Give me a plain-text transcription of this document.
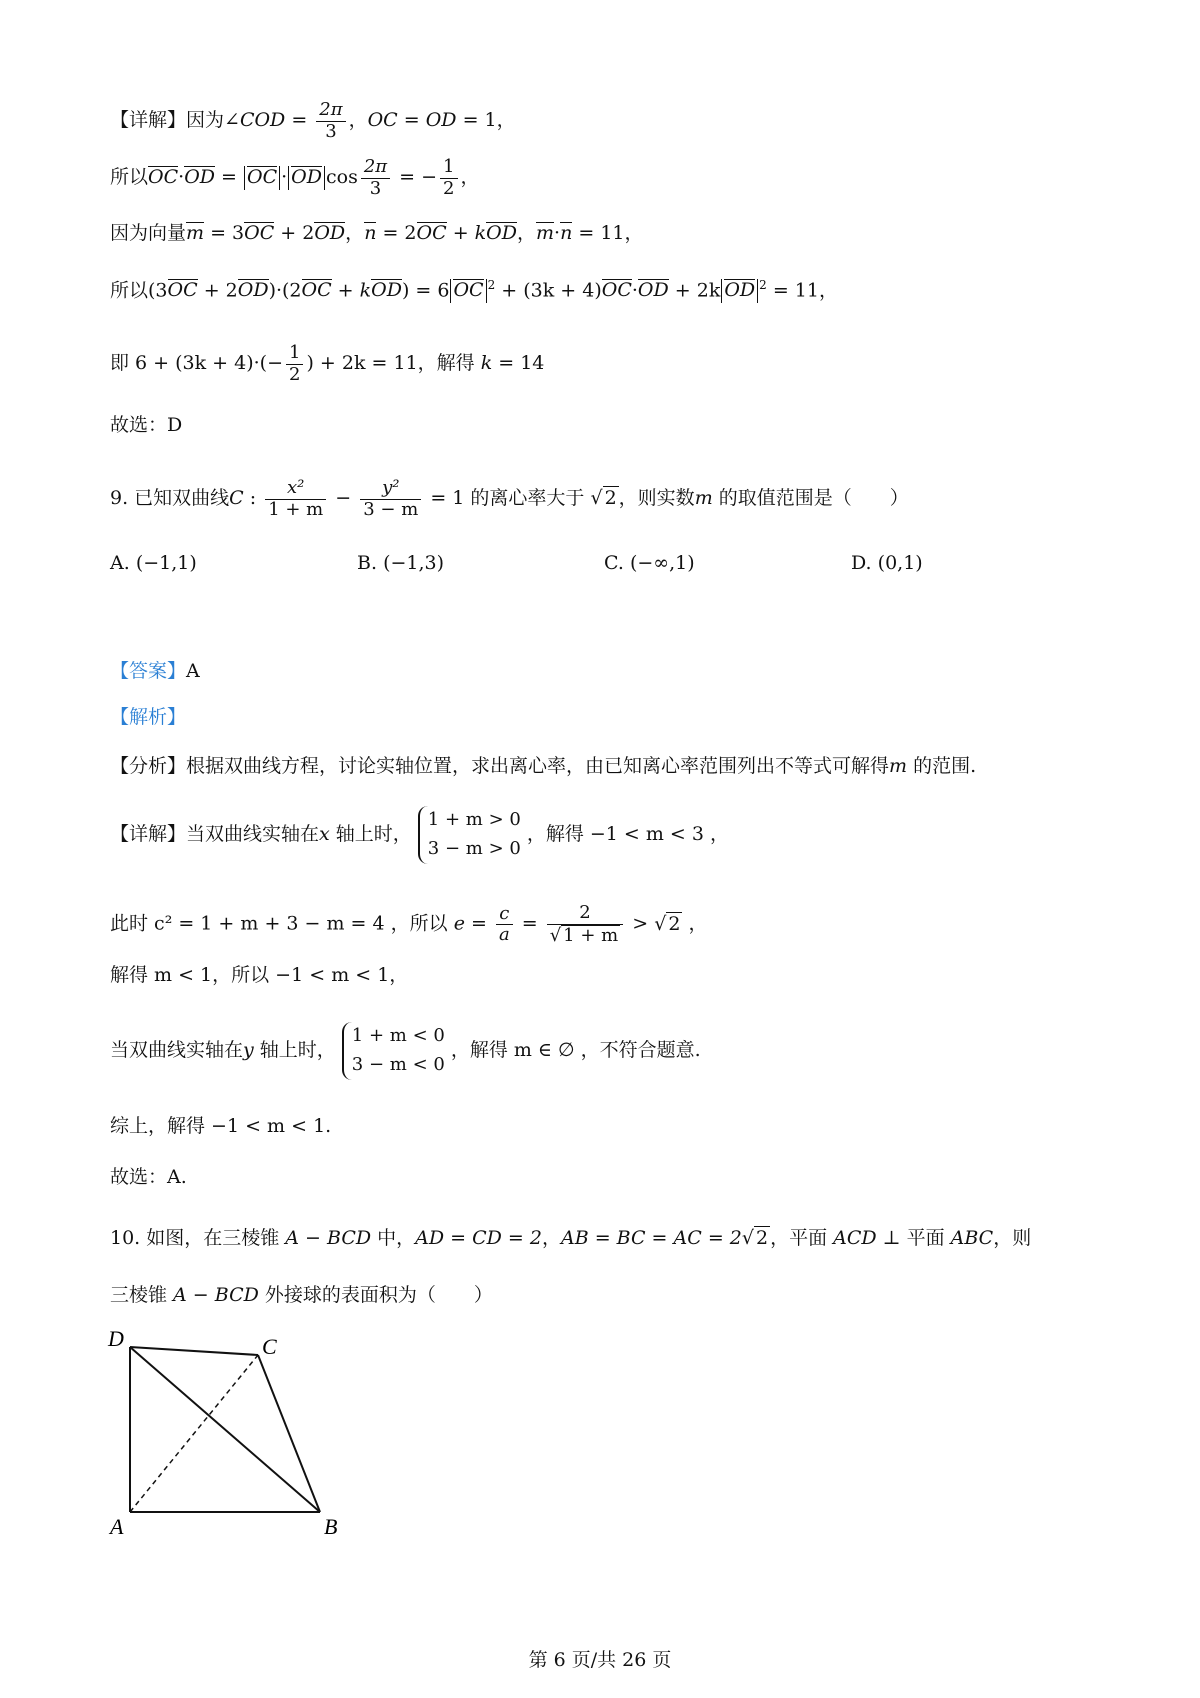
【详解】因为∠COD = $\frac{2\pi}{3}$ ，OC = OD = 1，
所以OC·OD = OC · OD $\cos \frac{2\pi}{3}$ = − $\frac{1}{2}$ ，
因为向量m = 3OC + 2OD，n = 2OC + kOD，m·n = 11，
所以(3OC + 2OD)·(2OC + kOD) = 6 OC $^2$ + (3k + 4)OC·OD + 2k OD $^2$ = 11，
即 $6 + (3k + 4)\cdot(- \frac{1}{2}$ ) + 2k = 11，解得 k = 14
故选：D
9. 已知双曲线C : $\frac{\text{x²}}{1 + m} - \frac{\text{y²}}{3 - m} = 1$ 的离心率大于 √ 2 ，则实数m 的取值范围是（　　）
A. (−1,1)	B. (−1,3)	C. (−∞,1)	D. (0,1)
【答案】A
【解析】
【分析】根据双曲线方程，讨论实轴位置，求出离心率，由已知离心率范围列出不等式可解得m 的范围.
【详解】当双曲线实轴在x 轴上时，
1 + m > 0
3 − m > 0
，解得 −1 < m < 3 ，
此时 c² = 1 + m + 3 − m = 4 ，所以 $e = \frac{c}{a} = \frac{2}{√ 1 + m}$ > √ 2 ，
解得 m < 1，所以 −1 < m < 1，
当双曲线实轴在y 轴上时，
1 + m < 0
3 − m < 0
，解得 m ∈ ∅ ，不符合题意.
综上，解得 −1 < m < 1.
故选：A.
10. 如图，在三棱锥 A − BCD 中，AD = CD = 2，AB = BC = AC = 2√ 2 ，平面 ACD ⊥ 平面 ABC，则
三棱锥 A − BCD 外接球的表面积为（　　）
D	C
A	B
第 6 页/共 26 页
